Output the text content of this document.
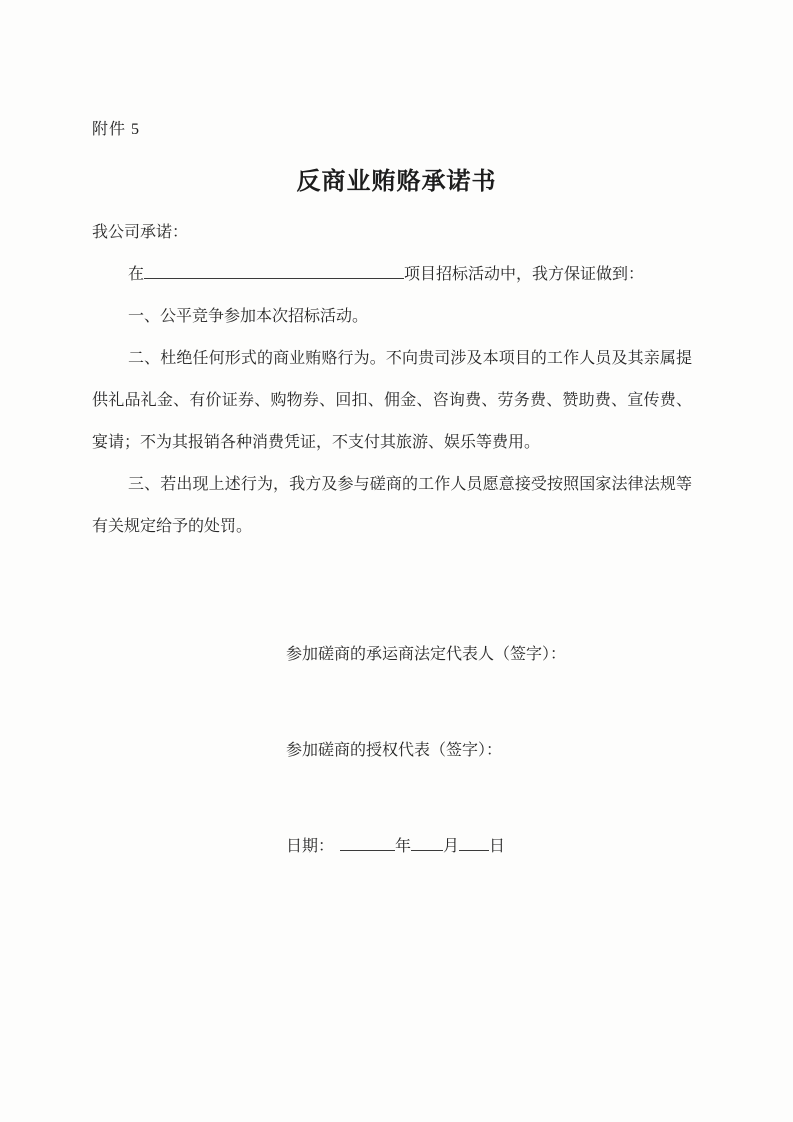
附件 5
反商业贿赂承诺书

我公司承诺：

在	项目招标活动中，我方保证做到：

一、公平竞争参加本次招标活动。

二、杜绝任何形式的商业贿赂行为。不向贵司涉及本项目的工作人员及其亲属提供礼品礼金、有价证券、购物券、回扣、佣金、咨询费、劳务费、赞助费、宣传费、宴请；不为其报销各种消费凭证，不支付其旅游、娱乐等费用。

三、若出现上述行为，我方及参与磋商的工作人员愿意接受按照国家法律法规等有关规定给予的处罚。

参加磋商的承运商法定代表人（签字）：
参加磋商的授权代表（签字）：
日期：	年 月 日
